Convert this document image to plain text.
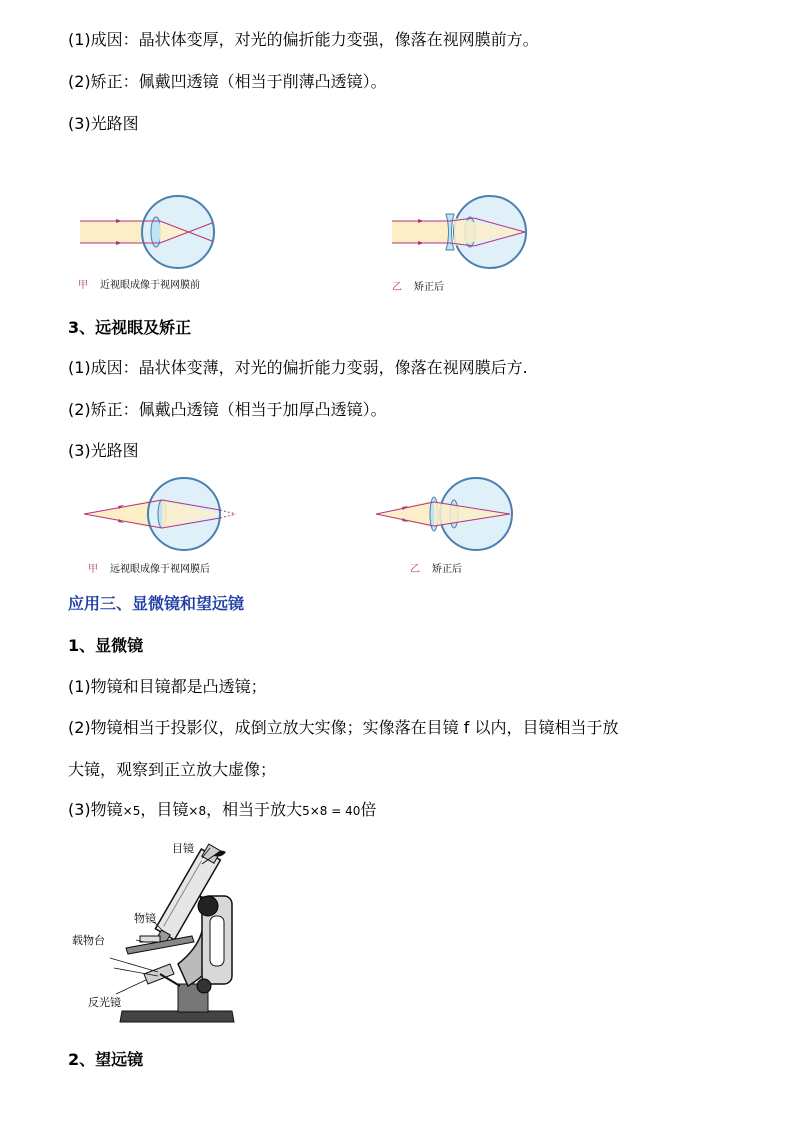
(1)成因：晶状体变厚，对光的偏折能力变强，像落在视网膜前方。
(2)矫正：佩戴凹透镜（相当于削薄凸透镜）。
(3)光路图
甲 近视眼成像于视网膜前	乙 矫正后
3、远视眼及矫正
(1)成因：晶状体变薄，对光的偏折能力变弱，像落在视网膜后方.
(2)矫正：佩戴凸透镜（相当于加厚凸透镜）。
(3)光路图
甲 远视眼成像于视网膜后	乙 矫正后
应用三、显微镜和望远镜
1、显微镜
(1)物镜和目镜都是凸透镜；
(2)物镜相当于投影仪，成倒立放大实像；实像落在目镜 f 以内，目镜相当于放
大镜，观察到正立放大虚像；
(3)物镜×5，目镜×8，相当于放大5×8 = 40倍
目镜
物镜
载物台
反光镜
2、望远镜
